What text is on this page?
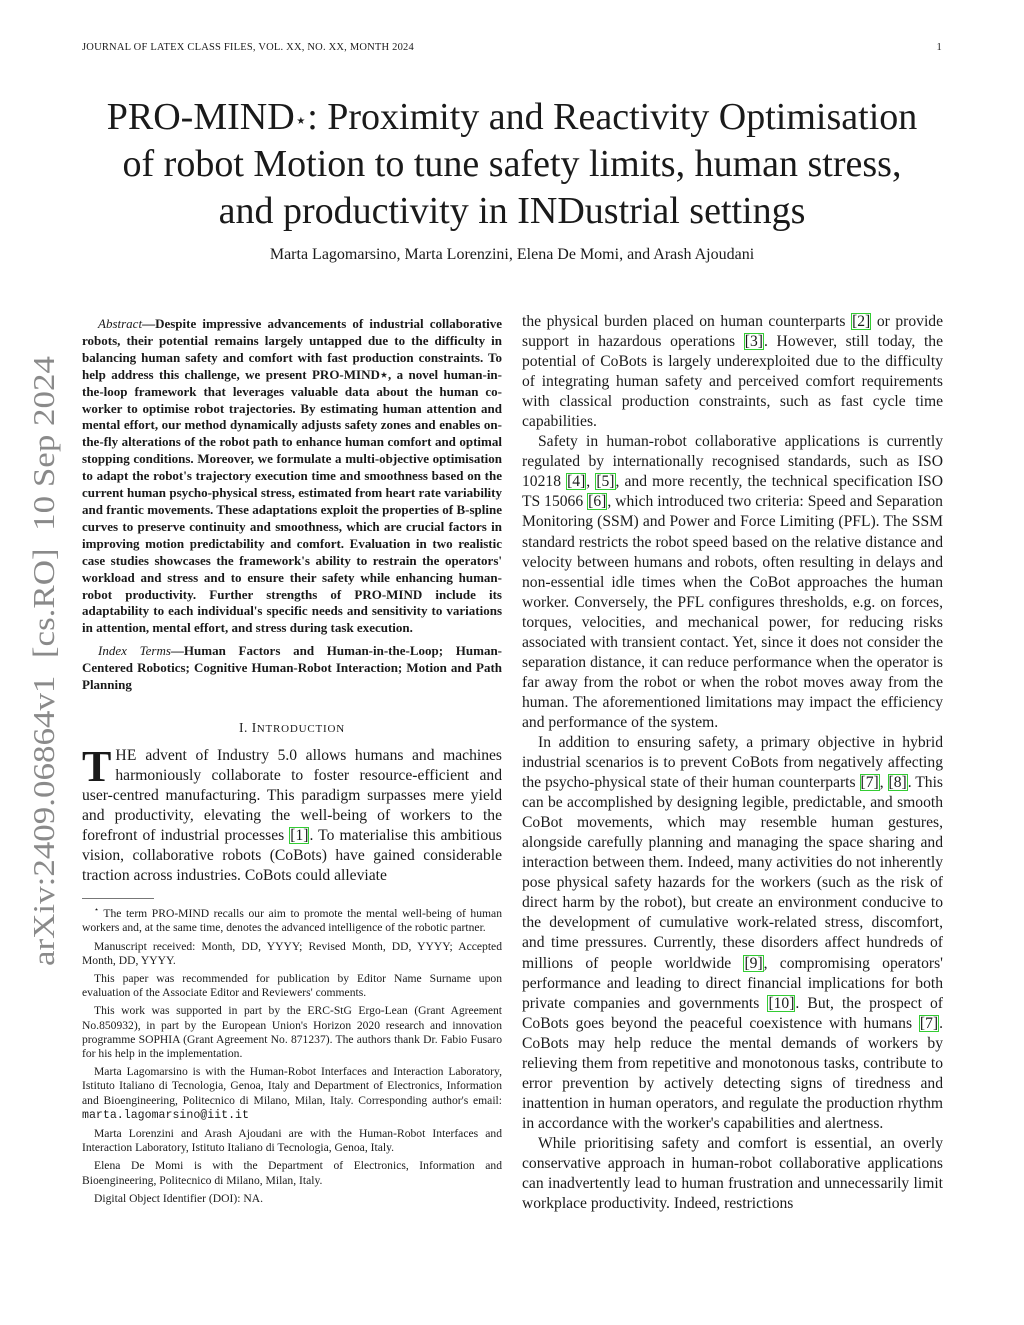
JOURNAL OF LATEX CLASS FILES, VOL. XX, NO. XX, MONTH 2024	1
arXiv:2409.06864v1  [cs.RO]  10 Sep 2024
PRO-MIND⋆: Proximity and Reactivity Optimisation
of robot Motion to tune safety limits, human stress,
and productivity in INDustrial settings
Marta Lagomarsino, Marta Lorenzini, Elena De Momi, and Arash Ajoudani

Abstract—Despite impressive advancements of industrial collaborative robots, their potential remains largely untapped due to the difficulty in balancing human safety and comfort with fast production constraints. To help address this challenge, we present PRO-MIND⋆, a novel human-in-the-loop framework that leverages valuable data about the human co-worker to optimise robot trajectories. By estimating human attention and mental effort, our method dynamically adjusts safety zones and enables on-the-fly alterations of the robot path to enhance human comfort and optimal stopping conditions. Moreover, we formulate a multi-objective optimisation to adapt the robot's trajectory execution time and smoothness based on the current human psycho-physical stress, estimated from heart rate variability and frantic movements. These adaptations exploit the properties of B-spline curves to preserve continuity and smoothness, which are crucial factors in improving motion predictability and comfort. Evaluation in two realistic case studies showcases the framework's ability to restrain the operators' workload and stress and to ensure their safety while enhancing human-robot productivity. Further strengths of PRO-MIND include its adaptability to each individual's specific needs and sensitivity to variations in attention, mental effort, and stress during task execution.

Index Terms—Human Factors and Human-in-the-Loop; Human-Centered Robotics; Cognitive Human-Robot Interaction; Motion and Path Planning

I. INTRODUCTION

THE advent of Industry 5.0 allows humans and machines harmoniously collaborate to foster resource-efficient and user-centred manufacturing. This paradigm surpasses mere yield and productivity, elevating the well-being of workers to the forefront of industrial processes [1]. To materialise this ambitious vision, collaborative robots (CoBots) have gained considerable traction across industries. CoBots could alleviate

⋆ The term PRO-MIND recalls our aim to promote the mental well-being of human workers and, at the same time, denotes the advanced intelligence of the robotic partner.

Manuscript received: Month, DD, YYYY; Revised Month, DD, YYYY; Accepted Month, DD, YYYY.

This paper was recommended for publication by Editor Name Surname upon evaluation of the Associate Editor and Reviewers' comments.

This work was supported in part by the ERC-StG Ergo-Lean (Grant Agreement No.850932), in part by the European Union's Horizon 2020 research and innovation programme SOPHIA (Grant Agreement No. 871237). The authors thank Dr. Fabio Fusaro for his help in the implementation.

Marta Lagomarsino is with the Human-Robot Interfaces and Interaction Laboratory, Istituto Italiano di Tecnologia, Genoa, Italy and Department of Electronics, Information and Bioengineering, Politecnico di Milano, Milan, Italy. Corresponding author's email: marta.lagomarsino@iit.it

Marta Lorenzini and Arash Ajoudani are with the Human-Robot Interfaces and Interaction Laboratory, Istituto Italiano di Tecnologia, Genoa, Italy.

Elena De Momi is with the Department of Electronics, Information and Bioengineering, Politecnico di Milano, Milan, Italy.

Digital Object Identifier (DOI): NA.

the physical burden placed on human counterparts [2] or provide support in hazardous operations [3]. However, still today, the potential of CoBots is largely underexploited due to the difficulty of integrating human safety and perceived comfort requirements with classical production constraints, such as fast cycle time capabilities.

Safety in human-robot collaborative applications is currently regulated by internationally recognised standards, such as ISO 10218 [4], [5], and more recently, the technical specification ISO TS 15066 [6], which introduced two criteria: Speed and Separation Monitoring (SSM) and Power and Force Limiting (PFL). The SSM standard restricts the robot speed based on the relative distance and velocity between humans and robots, often resulting in delays and non-essential idle times when the CoBot approaches the human worker. Conversely, the PFL configures thresholds, e.g. on forces, torques, velocities, and mechanical power, for reducing risks associated with transient contact. Yet, since it does not consider the separation distance, it can reduce performance when the operator is far away from the robot or when the robot moves away from the human. The aforementioned limitations may impact the efficiency and performance of the system.

In addition to ensuring safety, a primary objective in hybrid industrial scenarios is to prevent CoBots from negatively affecting the psycho-physical state of their human counterparts [7], [8]. This can be accomplished by designing legible, predictable, and smooth CoBot movements, which may resemble human gestures, alongside carefully planning and managing the space sharing and interaction between them. Indeed, many activities do not inherently pose physical safety hazards for the workers (such as the risk of direct harm by the robot), but create an environment conducive to the development of cumulative work-related stress, discomfort, and time pressures. Currently, these disorders affect hundreds of millions of people worldwide [9], compromising operators' performance and leading to direct financial implications for both private companies and governments [10]. But, the prospect of CoBots goes beyond the peaceful coexistence with humans [7]. CoBots may help reduce the mental demands of workers by relieving them from repetitive and monotonous tasks, contribute to error prevention by actively detecting signs of tiredness and inattention in human operators, and regulate the production rhythm in accordance with the worker's capabilities and alertness.

While prioritising safety and comfort is essential, an overly conservative approach in human-robot collaborative applications can inadvertently lead to human frustration and unnecessarily limit workplace productivity. Indeed, restrictions
